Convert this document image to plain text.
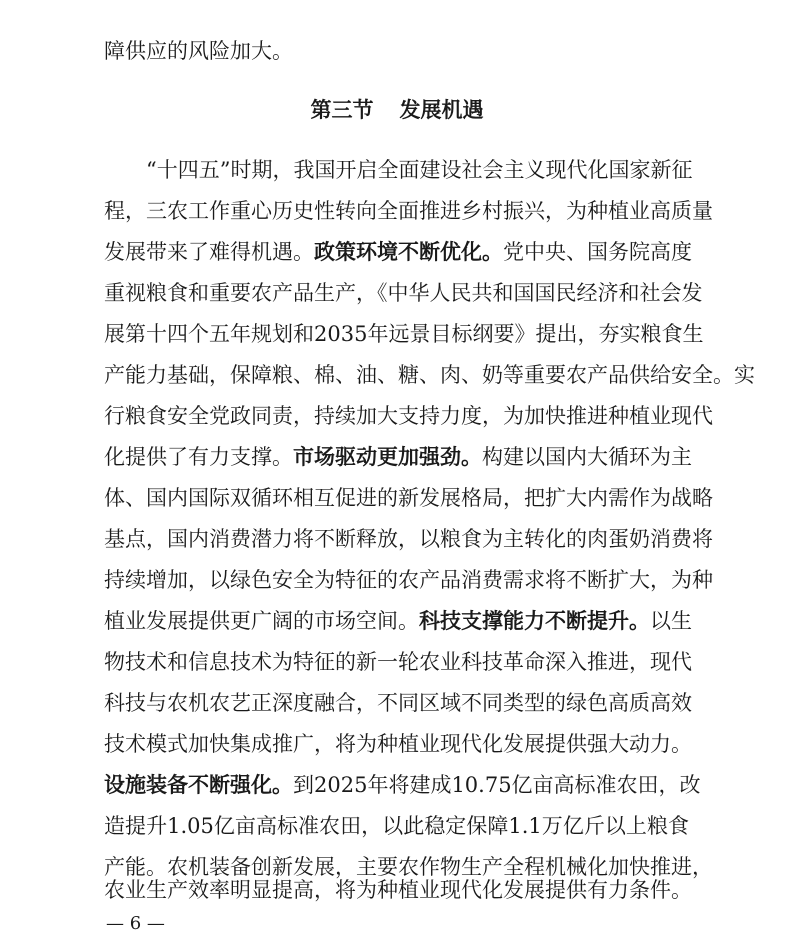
障供应的风险加大。
第三节 发展机遇
“十四五”时期，我国开启全面建设社会主义现代化国家新征
程，三农工作重心历史性转向全面推进乡村振兴，为种植业高质量
发展带来了难得机遇。政策环境不断优化。党中央、国务院高度
重视粮食和重要农产品生产，《中华人民共和国国民经济和社会发
展第十四个五年规划和2035年远景目标纲要》提出，夯实粮食生
产能力基础，保障粮、棉、油、糖、肉、奶等重要农产品供给安全。实
行粮食安全党政同责，持续加大支持力度，为加快推进种植业现代
化提供了有力支撑。市场驱动更加强劲。构建以国内大循环为主
体、国内国际双循环相互促进的新发展格局，把扩大内需作为战略
基点，国内消费潜力将不断释放，以粮食为主转化的肉蛋奶消费将
持续增加，以绿色安全为特征的农产品消费需求将不断扩大，为种
植业发展提供更广阔的市场空间。科技支撑能力不断提升。以生
物技术和信息技术为特征的新一轮农业科技革命深入推进，现代
科技与农机农艺正深度融合，不同区域不同类型的绿色高质高效
技术模式加快集成推广，将为种植业现代化发展提供强大动力。
设施装备不断强化。到2025年将建成10.75亿亩高标准农田，改
造提升1.05亿亩高标准农田，以此稳定保障1.1万亿斤以上粮食
产能。农机装备创新发展，主要农作物生产全程机械化加快推进，
农业生产效率明显提高，将为种植业现代化发展提供有力条件。
— 6 —
